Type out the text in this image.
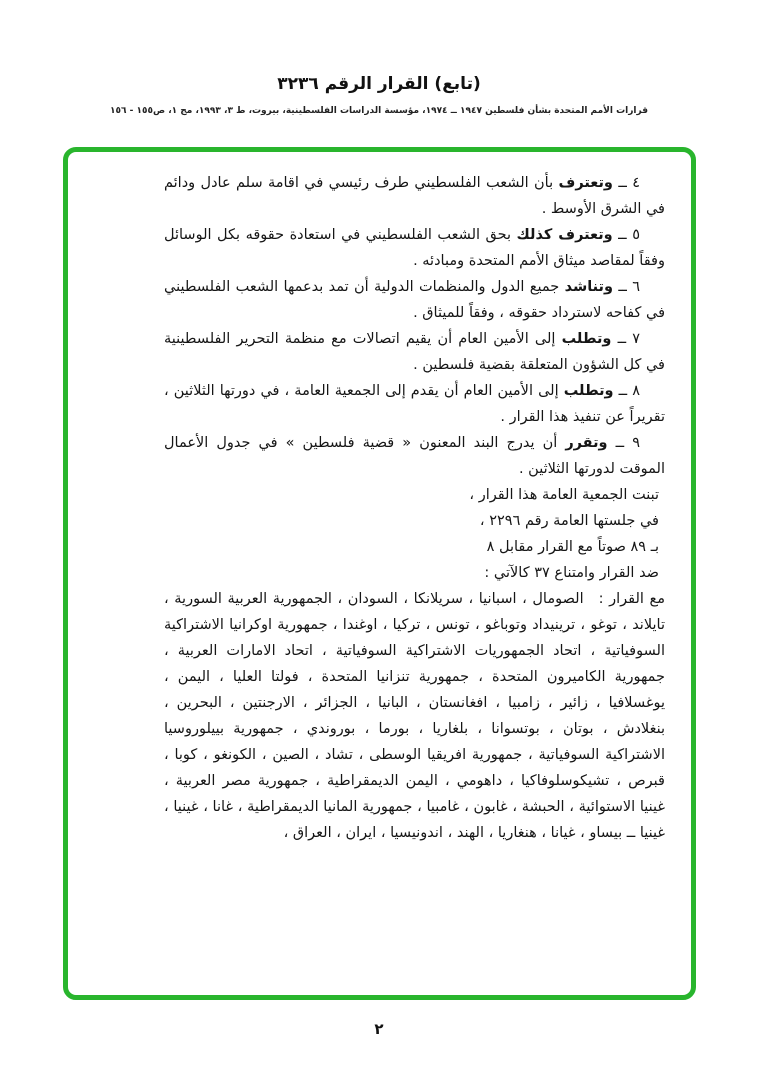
(تابع) القرار الرقم ٣٢٣٦
قرارات الأمم المتحدة بشأن فلسطين ١٩٤٧ ــ ١٩٧٤، مؤسسة الدراسات الفلسطينية، بيروت، ط ٣، ١٩٩٣، مج ١، ص١٥٥ - ١٥٦

٤ ــ وتعترف بأن الشعب الفلسطيني طرف رئيسي في اقامة سلم عادل ودائم في الشرق الأوسط .

٥ ــ وتعترف كذلك بحق الشعب الفلسطيني في استعادة حقوقه بكل الوسائل وفقاً لمقاصد ميثاق الأمم المتحدة ومبادئه .

٦ ــ وتناشد جميع الدول والمنظمات الدولية أن تمد بدعمها الشعب الفلسطيني في كفاحه لاسترداد حقوقه ، وفقاً للميثاق .

٧ ــ وتطلب إلى الأمين العام أن يقيم اتصالات مع منظمة التحرير الفلسطينية في كل الشؤون المتعلقة بقضية فلسطين .

٨ ــ وتطلب إلى الأمين العام أن يقدم إلى الجمعية العامة ، في دورتها الثلاثين ، تقريراً عن تنفيذ هذا القرار .

٩ ــ وتقرر أن يدرج البند المعنون « قضية فلسطين » في جدول الأعمال الموقت لدورتها الثلاثين .

تبنت الجمعية العامة هذا القرار ،
في جلستها العامة رقم ٢٢٩٦ ،
بـ ٨٩ صوتاً مع القرار مقابل ٨
ضد القرار وامتناع ٣٧ كالآتي :

مع القرار :الصومال ، اسبانيا ، سريلانكا ، السودان ، الجمهورية العربية السورية ، تايلاند ، توغو ، ترينيداد وتوباغو ، تونس ، تركيا ، اوغندا ، جمهورية اوكرانيا الاشتراكية السوفياتية ، اتحاد الجمهوريات الاشتراكية السوفياتية ، اتحاد الامارات العربية ، جمهورية الكاميرون المتحدة ، جمهورية تنزانيا المتحدة ، فولتا العليا ، اليمن ، يوغسلافيا ، زائير ، زامبيا ، افغانستان ، البانيا ، الجزائر ، الارجنتين ، البحرين ، بنغلادش ، بوتان ، بوتسوانا ، بلغاريا ، بورما ، بوروندي ، جمهورية بييلوروسيا الاشتراكية السوفياتية ، جمهورية افريقيا الوسطى ، تشاد ، الصين ، الكونغو ، كوبا ، قبرص ، تشيكوسلوفاكيا ، داهومي ، اليمن الديمقراطية ، جمهورية مصر العربية ، غينيا الاستوائية ، الحبشة ، غابون ، غامبيا ، جمهورية المانيا الديمقراطية ، غانا ، غينيا ، غينيا ــ بيساو ، غيانا ، هنغاريا ، الهند ، اندونيسيا ، ايران ، العراق ،

٢
